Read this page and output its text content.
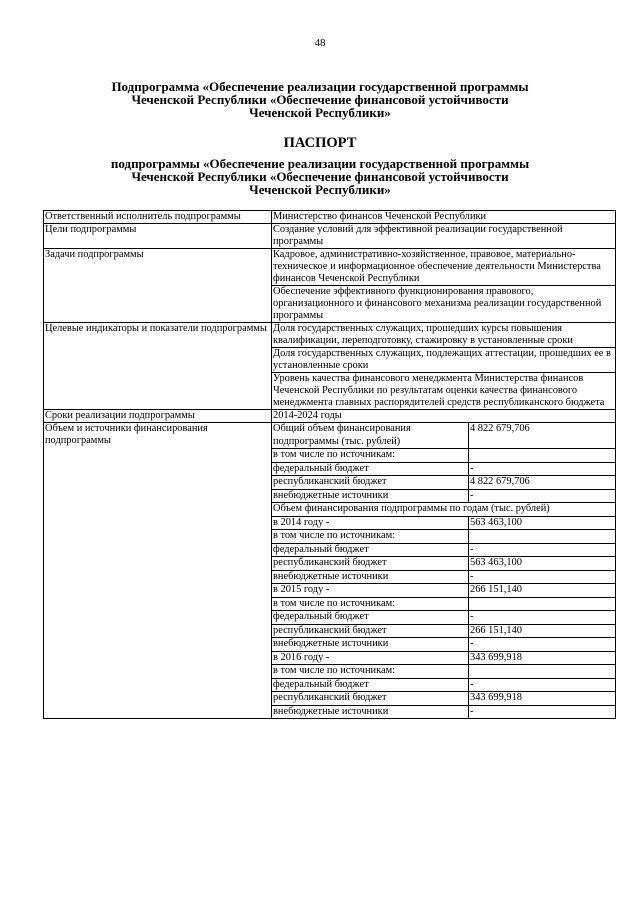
48
Подпрограмма «Обеспечение реализации государственной программы
Чеченской Республики «Обеспечение финансовой устойчивости
Чеченской Республики»
ПАСПОРТ
подпрограммы «Обеспечение реализации государственной программы
Чеченской Республики «Обеспечение финансовой устойчивости
Чеченской Республики»
Ответственный исполнитель подпрограммы	Министерство финансов Чеченской Республики
Цели подпрограммы	Создание условий для эффективной реализации государственной программы
Задачи подпрограммы	Кадровое, административно-хозяйственное, правовое, материально-техническое и информационное обеспечение деятельности Министерства финансов Чеченской Республики
Обеспечение эффективного функционирования правового, организационного и финансового механизма реализации государственной программы
Целевые индикаторы и показатели подпрограммы	Доля государственных служащих, прошедших курсы повышения квалификации, переподготовку, стажировку в установленные сроки
Доля государственных служащих, подлежащих аттестации, прошедших ее в установленные сроки
Уровень качества финансового менеджмента Министерства финансов Чеченской Республики по результатам оценки качества финансового менеджмента главных распорядителей средств республиканского бюджета
Сроки реализации подпрограммы	2014-2024 годы
Объем и источники финансирования подпрограммы	
Общий объем финансирования подпрограммы (тыс. рублей)	4 822 679,706
в том числе по источникам:	
федеральный бюджет	-
республиканский бюджет	4 822 679,706
внебюджетные источники	-
Объем финансирования подпрограммы по годам (тыс. рублей)
в 2014 году -	563 463,100
в том числе по источникам:	
федеральный бюджет	-
республиканский бюджет	563 463,100
внебюджетные источники	-
в 2015 году -	266 151,140
в том числе по источникам:	
федеральный бюджет	-
республиканский бюджет	266 151,140
внебюджетные источники	-
в 2016 году -	343 699,918
в том числе по источникам:	
федеральный бюджет	-
республиканский бюджет	343 699,918
внебюджетные источники	-
